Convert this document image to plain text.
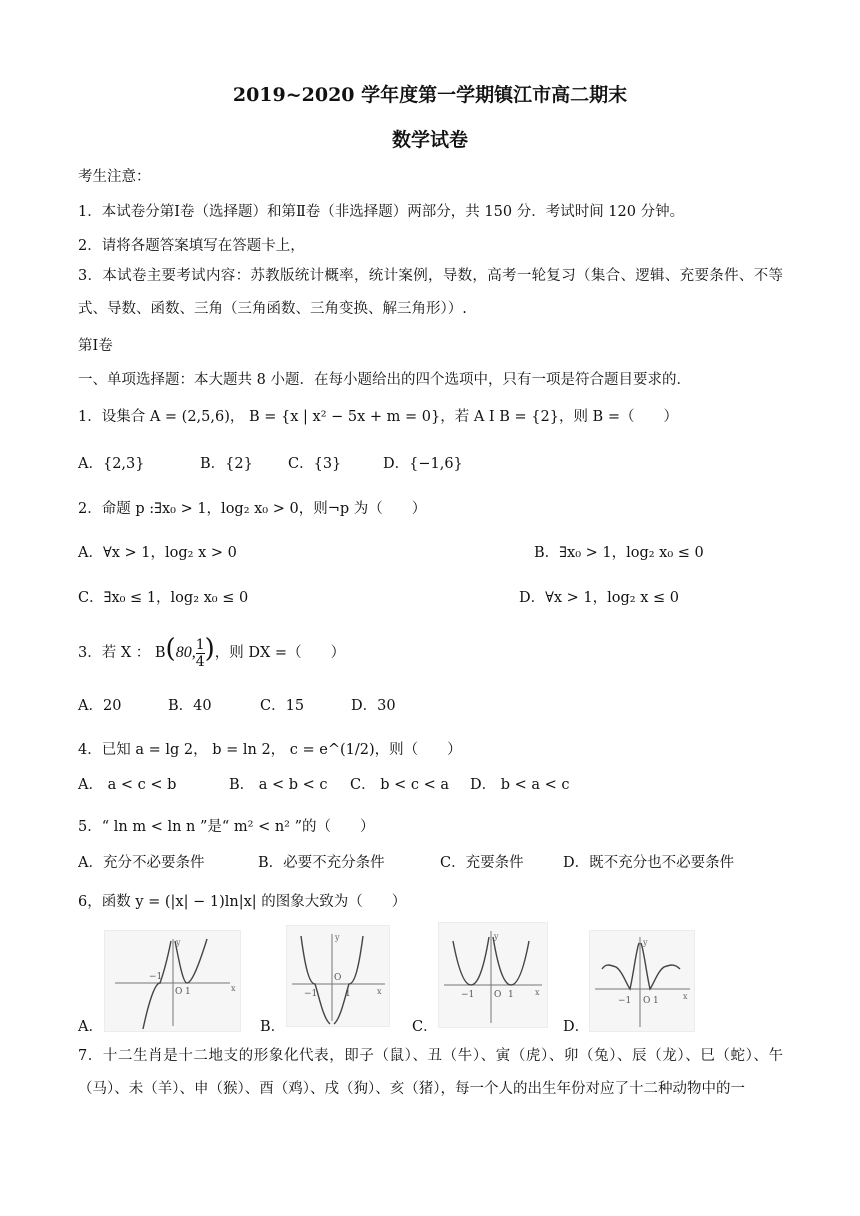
2019~2020 学年度第一学期镇江市高二期末
数学试卷
考生注意：
1．本试卷分第Ⅰ卷（选择题）和第Ⅱ卷（非选择题）两部分，共 150 分．考试时间 120 分钟。
2．请将各题答案填写在答题卡上，
3．本试卷主要考试内容：苏教版统计概率，统计案例，导数，高考一轮复习（集合、逻辑、充要条件、不等式、导数、函数、三角（三角函数、三角变换、解三角形））.
第Ⅰ卷
一、单项选择题：本大题共 8 小题．在每小题给出的四个选项中，只有一项是符合题目要求的．
1．设集合 A = (2,5,6)， B = {x | x² − 5x + m = 0}，若 A Ⅰ B = {2}，则 B =（　　）
A．{2,3}	B．{2} C．{3}	D．{−1,6}
2．命题 p :∃x₀ > 1，log₂ x₀ > 0，则¬p 为（　　）
A．∀x > 1，log₂ x > 0	B．∃x₀ > 1，log₂ x₀ ≤ 0
C．∃x₀ ≤ 1，log₂ x₀ ≤ 0	D．∀x > 1，log₂ x ≤ 0
3．若 X ： B(80, $\frac{1}{4}$ )，则 DX =（　　）
A．20	B．40	C．15	D．30
4．已知 a = lg 2， b = ln 2， c = e^(1/2)，则（　　）
A． a < c < b	B． a < b < c C． b < c < a D． b < a < c
5．“ ln m < ln n ”是“ m² < n² ”的（　　）
A．充分不必要条件	B．必要不充分条件	C．充要条件	D．既不充分也不必要条件
6，函数 y = (|x| − 1)ln|x| 的图象大致为（　　）
y
x
−1
O 1
A．
y
x
−1
O
1
B．
y
x
−1 O 1
C．
y
x
−1 O 1
D．
7．十二生肖是十二地支的形象化代表，即子（鼠）、丑（牛）、寅（虎）、卯（兔）、辰（龙）、巳（蛇）、午（马）、未（羊）、申（猴）、酉（鸡）、戌（狗）、亥（猪），每一个人的出生年份对应了十二种动物中的一
